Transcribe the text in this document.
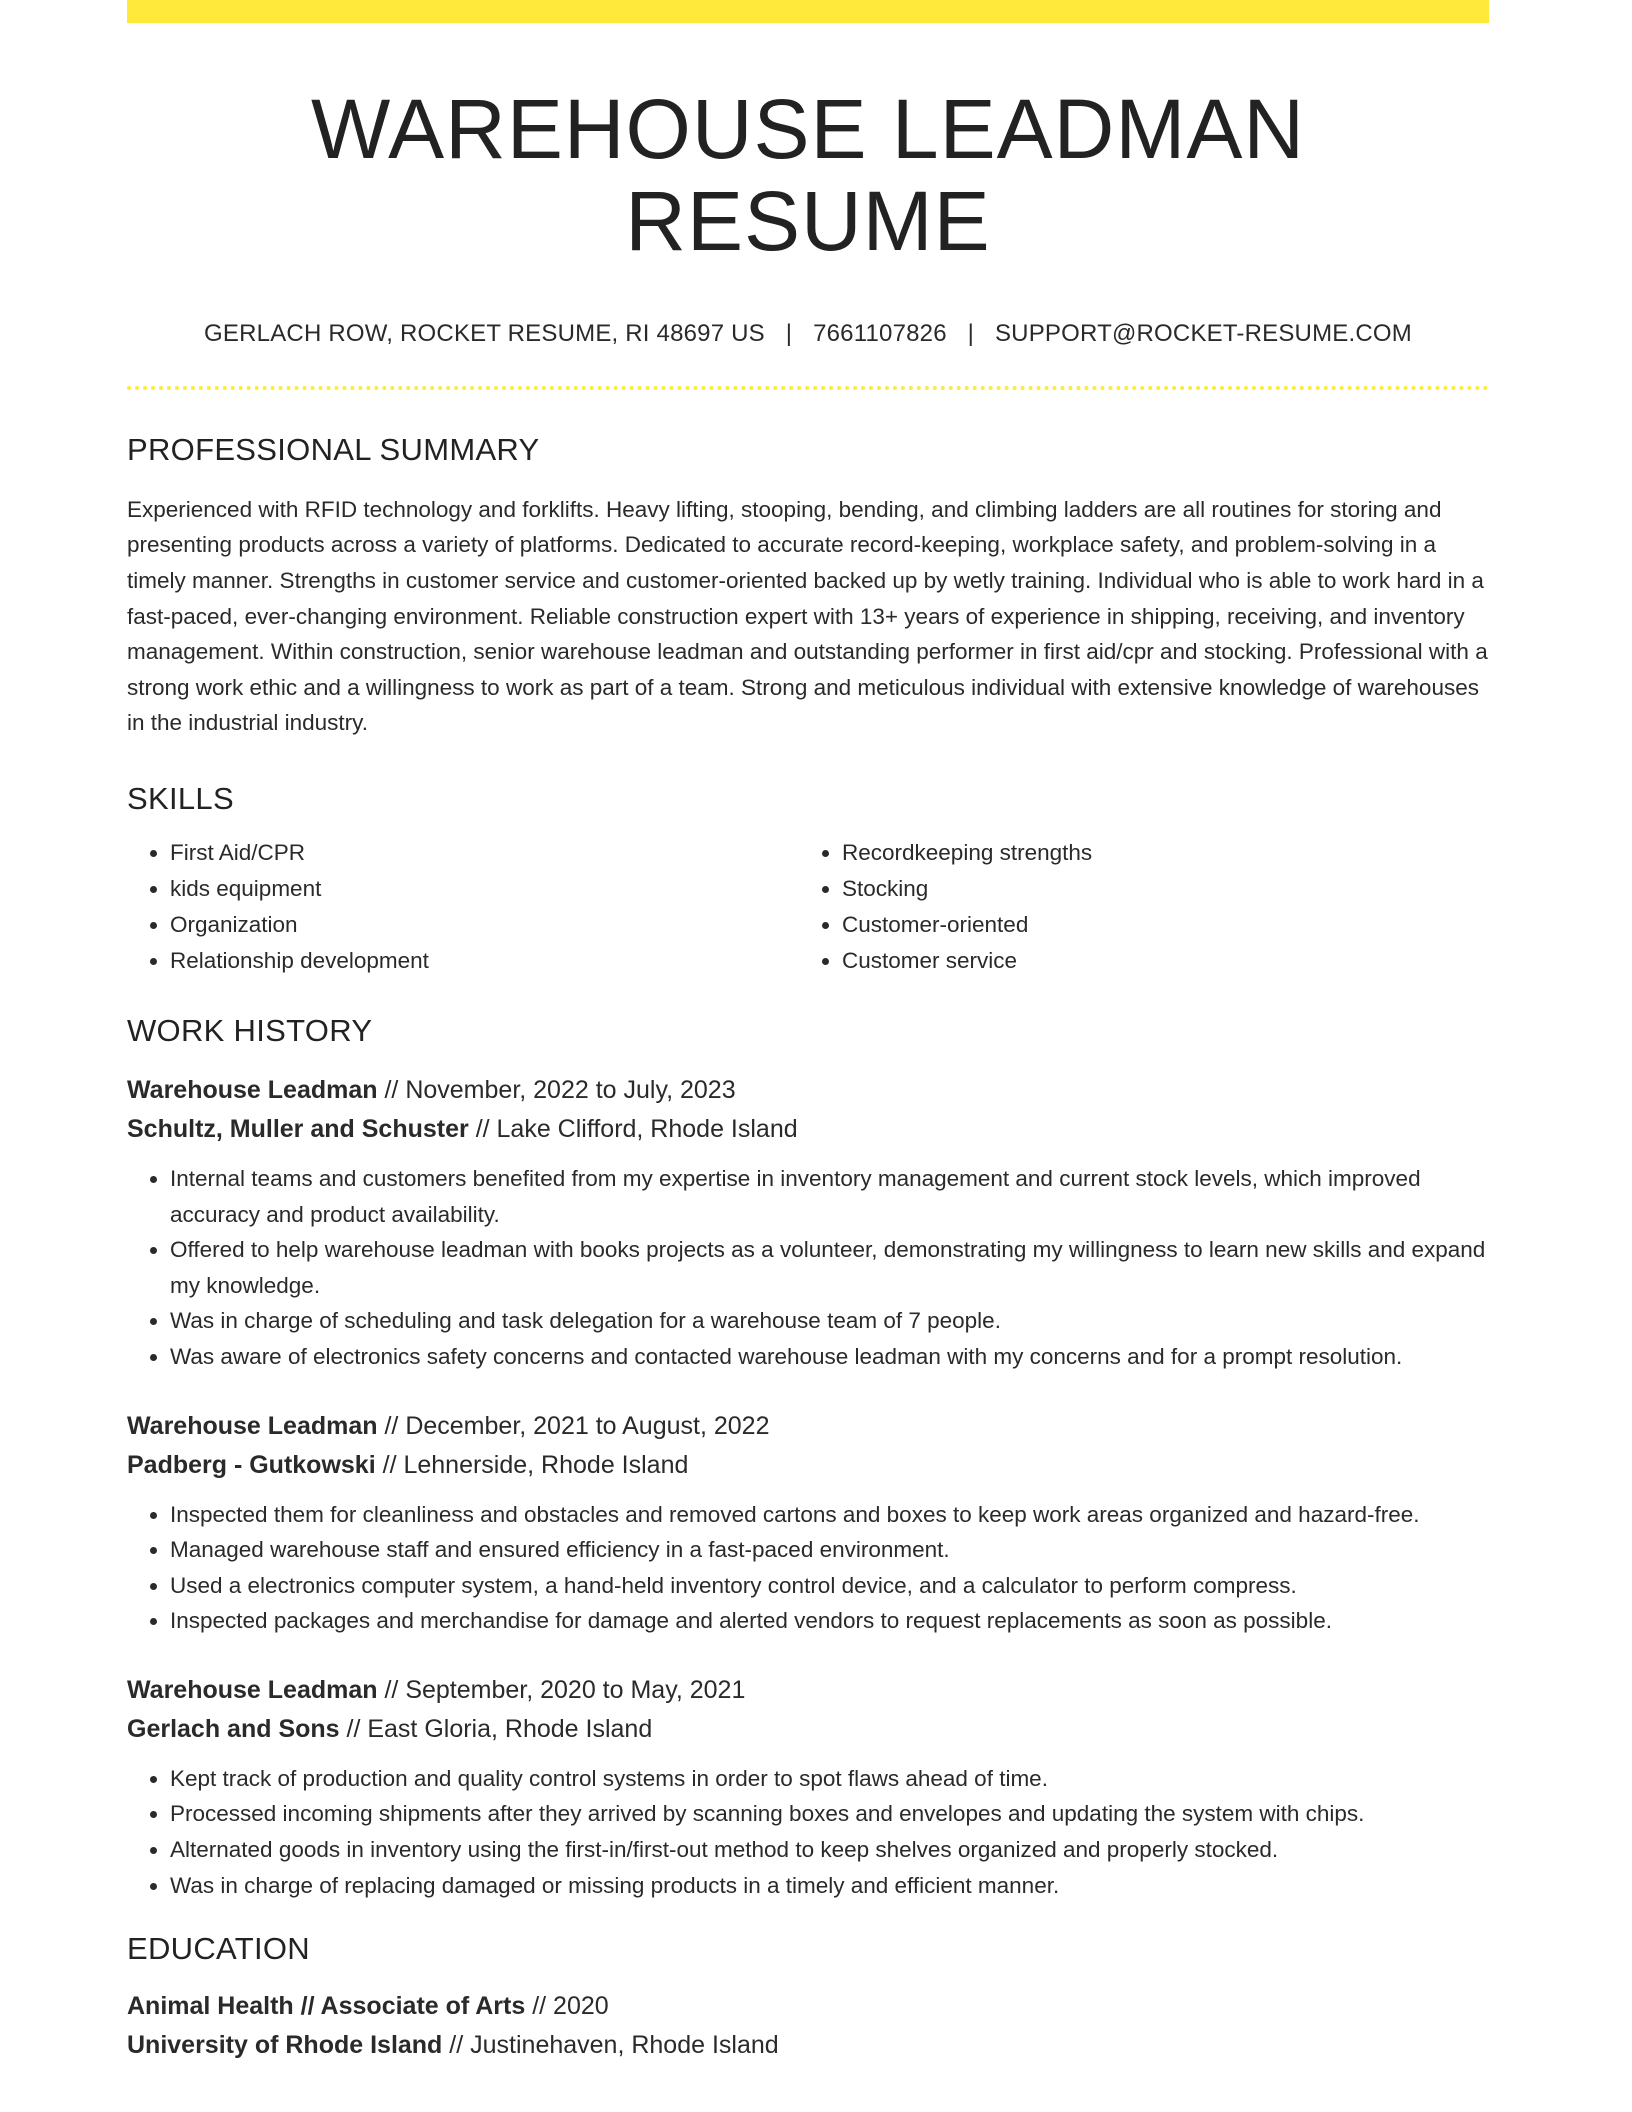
WAREHOUSE LEADMAN RESUME
GERLACH ROW, ROCKET RESUME, RI 48697 US | 7661107826 | SUPPORT@ROCKET-RESUME.COM
PROFESSIONAL SUMMARY

Experienced with RFID technology and forklifts. Heavy lifting, stooping, bending, and climbing ladders are all routines for storing and presenting products across a variety of platforms. Dedicated to accurate record-keeping, workplace safety, and problem-solving in a timely manner. Strengths in customer service and customer-oriented backed up by wetly training. Individual who is able to work hard in a fast-paced, ever-changing environment. Reliable construction expert with 13+ years of experience in shipping, receiving, and inventory management. Within construction, senior warehouse leadman and outstanding performer in first aid/cpr and stocking. Professional with a strong work ethic and a willingness to work as part of a team. Strong and meticulous individual with extensive knowledge of warehouses in the industrial industry.

SKILLS
• First Aid/CPR
• kids equipment
• Organization
• Relationship development
• Recordkeeping strengths
• Stocking
• Customer-oriented
• Customer service
WORK HISTORY
Warehouse Leadman // November, 2022 to July, 2023
Schultz, Muller and Schuster // Lake Clifford, Rhode Island
• Internal teams and customers benefited from my expertise in inventory management and current stock levels, which improved accuracy and product availability.
• Offered to help warehouse leadman with books projects as a volunteer, demonstrating my willingness to learn new skills and expand my knowledge.
• Was in charge of scheduling and task delegation for a warehouse team of 7 people.
• Was aware of electronics safety concerns and contacted warehouse leadman with my concerns and for a prompt resolution.
Warehouse Leadman // December, 2021 to August, 2022
Padberg - Gutkowski // Lehnerside, Rhode Island
• Inspected them for cleanliness and obstacles and removed cartons and boxes to keep work areas organized and hazard-free.
• Managed warehouse staff and ensured efficiency in a fast-paced environment.
• Used a electronics computer system, a hand-held inventory control device, and a calculator to perform compress.
• Inspected packages and merchandise for damage and alerted vendors to request replacements as soon as possible.
Warehouse Leadman // September, 2020 to May, 2021
Gerlach and Sons // East Gloria, Rhode Island
• Kept track of production and quality control systems in order to spot flaws ahead of time.
• Processed incoming shipments after they arrived by scanning boxes and envelopes and updating the system with chips.
• Alternated goods in inventory using the first-in/first-out method to keep shelves organized and properly stocked.
• Was in charge of replacing damaged or missing products in a timely and efficient manner.
EDUCATION
Animal Health // Associate of Arts // 2020
University of Rhode Island // Justinehaven, Rhode Island
